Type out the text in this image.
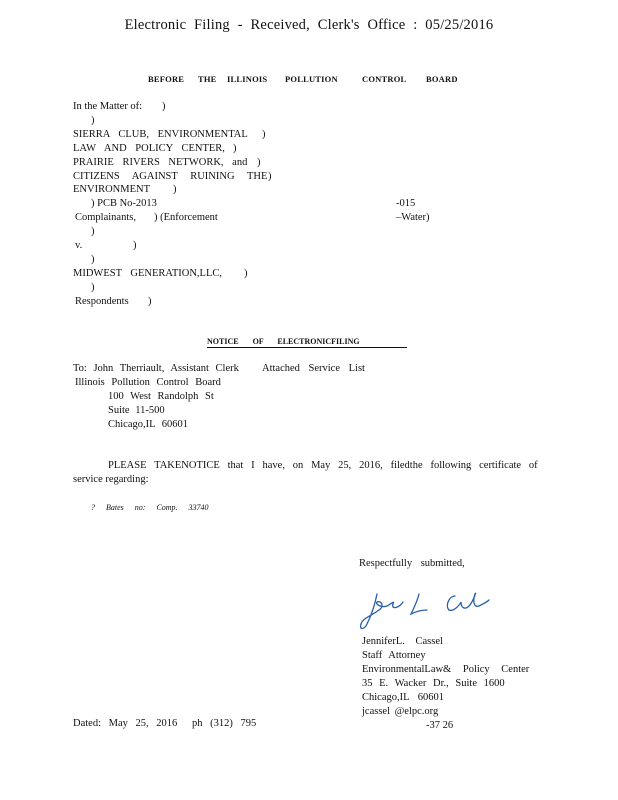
Electronic Filing - Received, Clerk's Office : 05/25/2016
BEFORE THE ILLINOIS POLLUTION	CONTROL BOARD
In the Matter of: )
)
SIERRA CLUB, ENVIRONMENTAL )
LAW AND POLICY CENTER, )
PRAIRIE RIVERS NETWORK, and )
CITIZENS AGAINST RUINING THE )
ENVIRONMENT )
) PCB No-2013	-015
Complainants, ) (Enforcement	–Water)
)
v.	)
)
MIDWEST GENERATION,LLC, )
)
Respondents )
NOTICE OF ELECTRONICFILING
To: John Therriault, Assistant Clerk Attached Service List
Illinois Pollution Control Board
100 West Randolph St
Suite 11-500
Chicago,IL 60601
PLEASE TAKENOTICE that I have, on May 25, 2016, filedthe following certificate of
service regarding:
? Bates no: Comp. 33740
Respectfully submitted,
JenniferL. Cassel
Staff Attorney
EnvironmentalLaw& Policy Center
35 E. Wacker Dr., Suite 1600
Chicago,IL 60601
jcassel @elpc.org
-37 26
Dated: May 25, 2016 ph (312) 795
